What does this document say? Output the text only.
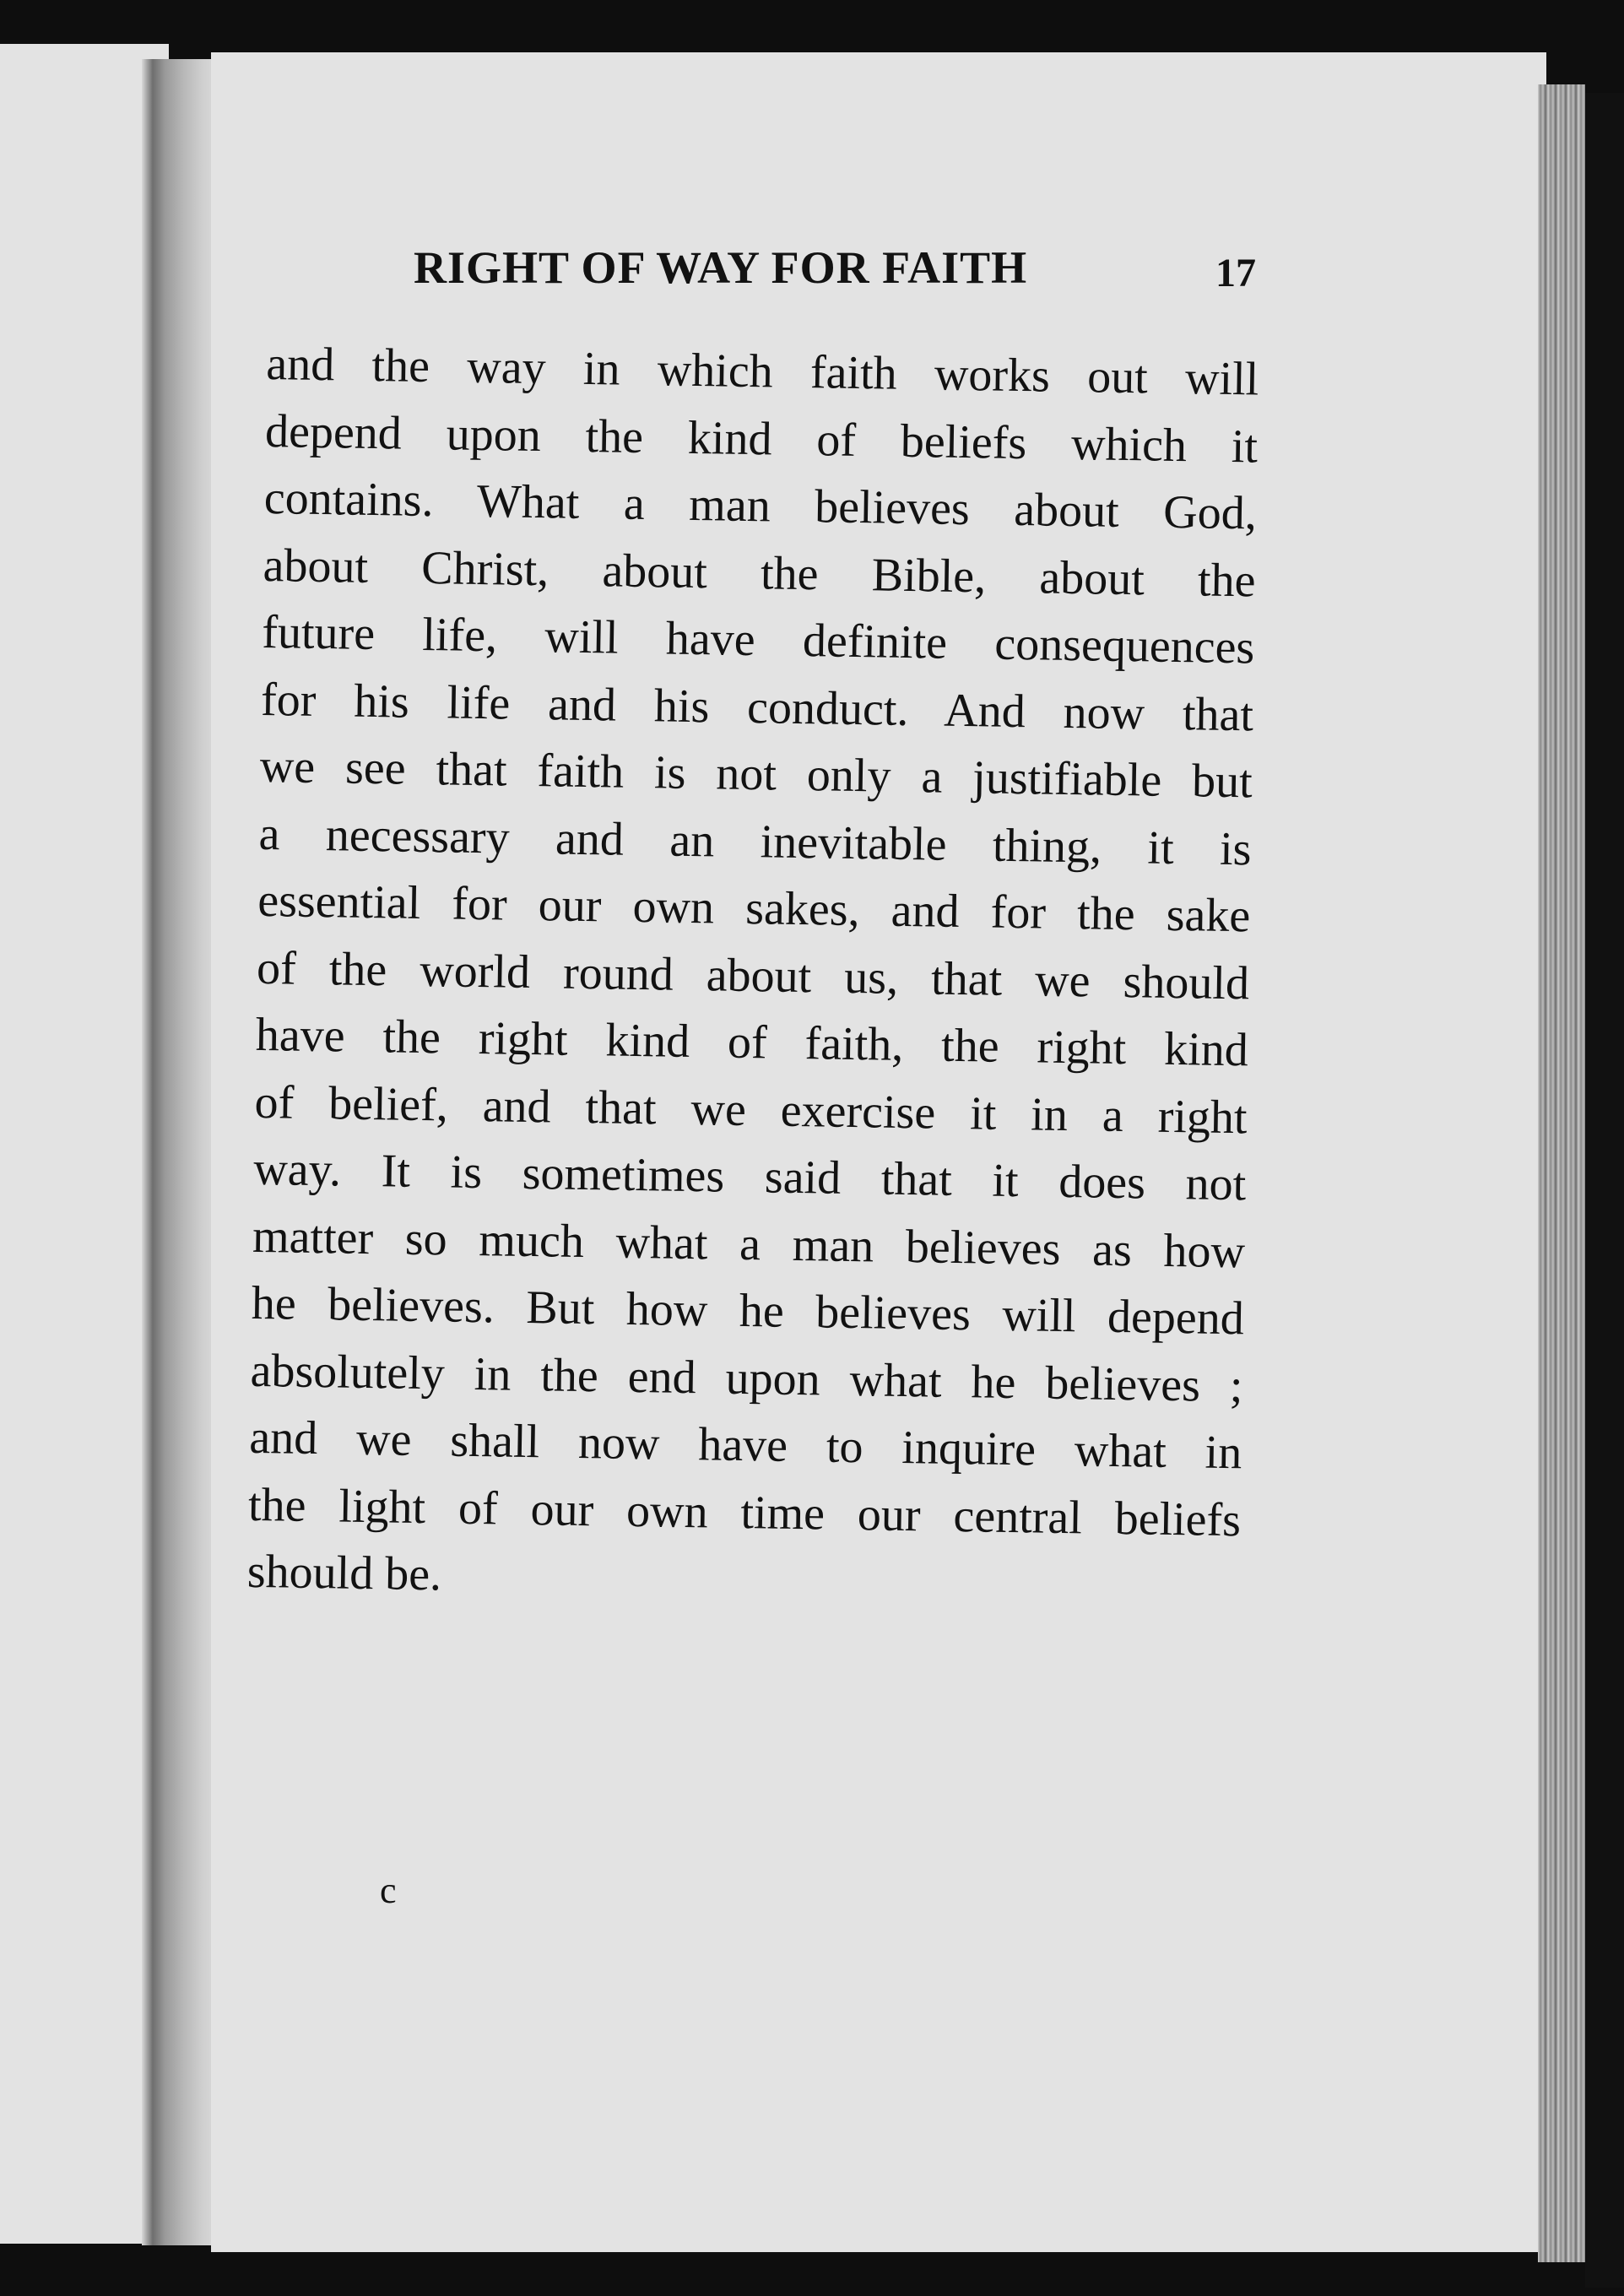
RIGHT OF WAY FOR FAITH	17
and the way in which faith works out will
depend upon the kind of beliefs which it
contains. What a man believes about God,
about Christ, about the Bible, about the
future life, will have definite consequences
for his life and his conduct. And now that
we see that faith is not only a justifiable but
a necessary and an inevitable thing, it is
essential for our own sakes, and for the sake
of the world round about us, that we should
have the right kind of faith, the right kind
of belief, and that we exercise it in a right
way. It is sometimes said that it does not
matter so much what a man believes as how
he believes. But how he believes will depend
absolutely in the end upon what he believes ;
and we shall now have to inquire what in
the light of our own time our central beliefs
should be.
c
